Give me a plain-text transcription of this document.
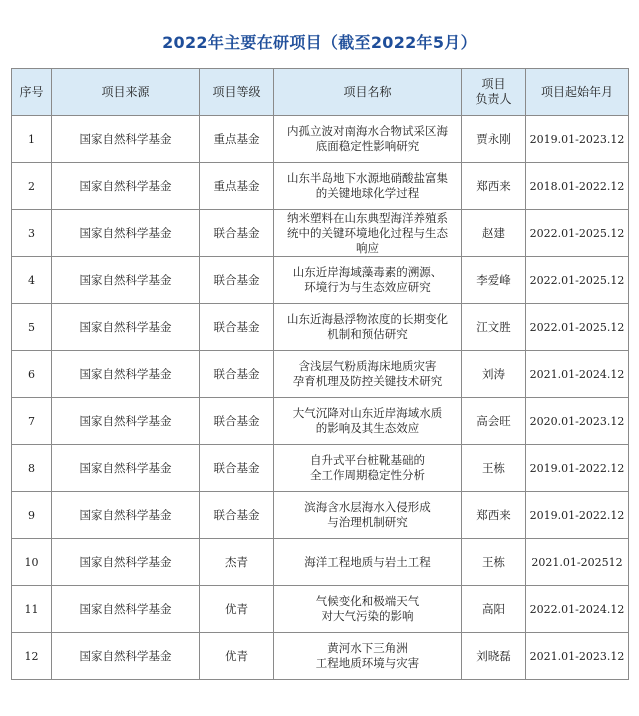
2022年主要在研项目（截至2022年5月）
序号	项目来源	项目等级	项目名称	项目
负责人	项目起始年月
1	国家自然科学基金	重点基金	内孤立波对南海水合物试采区海
底面稳定性影响研究	贾永刚	2019.01-2023.12
2	国家自然科学基金	重点基金	山东半岛地下水源地硝酸盐富集
的关键地球化学过程	郑西来	2018.01-2022.12
3	国家自然科学基金	联合基金	纳米塑料在山东典型海洋养殖系
统中的关键环境地化过程与生态
响应	赵建	2022.01-2025.12
4	国家自然科学基金	联合基金	山东近岸海域藻毒素的溯源、
环境行为与生态效应研究	李爱峰	2022.01-2025.12
5	国家自然科学基金	联合基金	山东近海悬浮物浓度的长期变化
机制和预估研究	江文胜	2022.01-2025.12
6	国家自然科学基金	联合基金	含浅层气粉质海床地质灾害
孕育机理及防控关键技术研究	刘涛	2021.01-2024.12
7	国家自然科学基金	联合基金	大气沉降对山东近岸海域水质
的影响及其生态效应	高会旺	2020.01-2023.12
8	国家自然科学基金	联合基金	自升式平台桩靴基础的
全工作周期稳定性分析	王栋	2019.01-2022.12
9	国家自然科学基金	联合基金	滨海含水层海水入侵形成
与治理机制研究	郑西来	2019.01-2022.12
10	国家自然科学基金	杰青	海洋工程地质与岩土工程	王栋	2021.01-202512
11	国家自然科学基金	优青	气候变化和极端天气
对大气污染的影响	高阳	2022.01-2024.12
12	国家自然科学基金	优青	黄河水下三角洲
工程地质环境与灾害	刘晓磊	2021.01-2023.12
